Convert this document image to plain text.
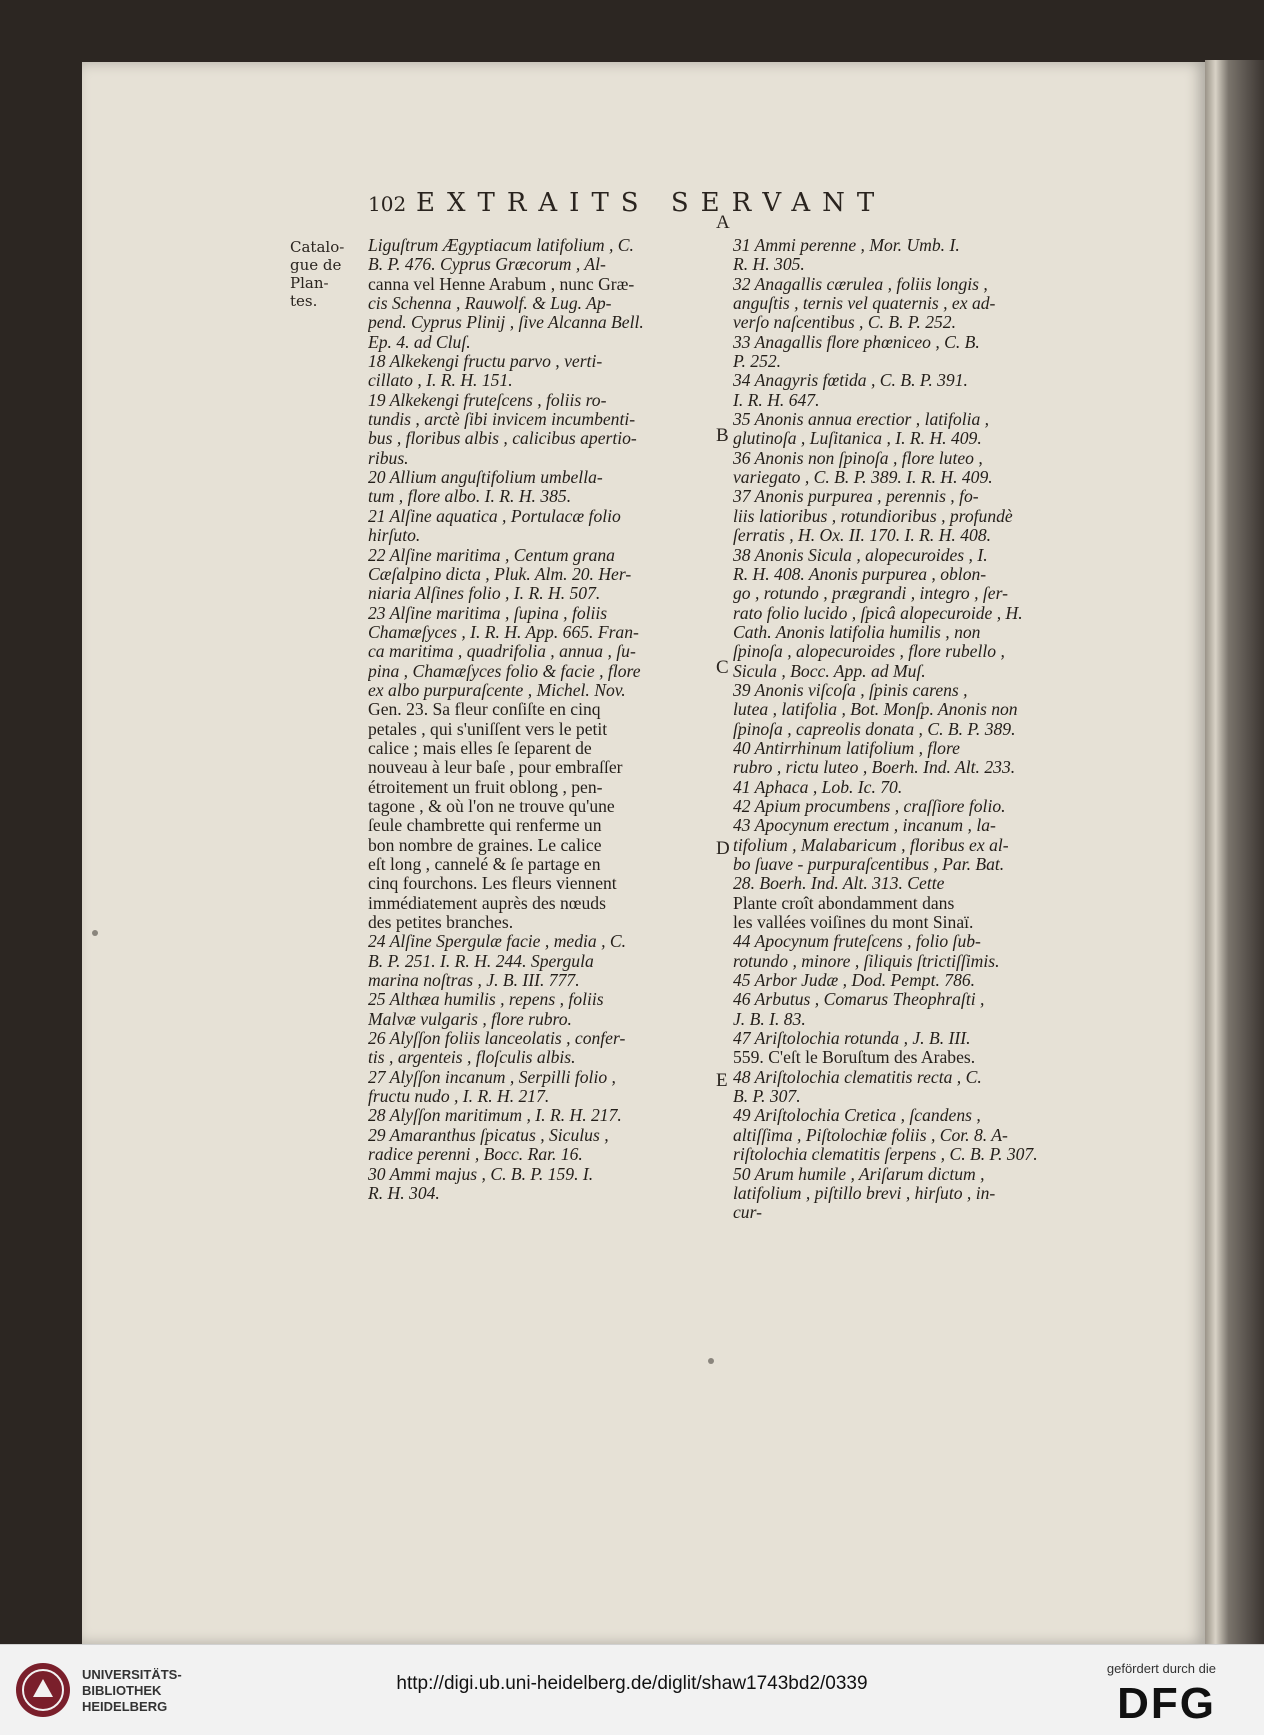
102 EXTRAITS SERVANT
Catalo-
gue de
Plan-
tes.
Liguſtrum Ægyptiacum latifolium , C.
B. P. 476. Cyprus Græcorum , Al-
canna vel Henne Arabum , nunc Græ-
cis Schenna , Rauwolf. & Lug. Ap-
pend. Cyprus Plinij , ſive Alcanna Bell.
Ep. 4. ad Cluſ.
18 Alkekengi fructu parvo , verti-
cillato , I. R. H. 151.
19 Alkekengi fruteſcens , foliis ro-
tundis , arctè ſibi invicem incumbenti-
bus , floribus albis , calicibus apertio-
ribus.
20 Allium anguſtifolium umbella-
tum , flore albo. I. R. H. 385.
21 Alſine aquatica , Portulacæ folio
hirſuto.
22 Alſine maritima , Centum grana
Cæſalpino dicta , Pluk. Alm. 20. Her-
niaria Alſines folio , I. R. H. 507.
23 Alſine maritima , ſupina , foliis
Chamæſyces , I. R. H. App. 665. Fran-
ca maritima , quadrifolia , annua , ſu-
pina , Chamæſyces folio & facie , flore
ex albo purpuraſcente , Michel. Nov.
Gen. 23. Sa fleur conſiſte en cinq
petales , qui s'uniſſent vers le petit
calice ; mais elles ſe ſeparent de
nouveau à leur baſe , pour embraſſer
étroitement un fruit oblong , pen-
tagone , & où l'on ne trouve qu'une
ſeule chambrette qui renferme un
bon nombre de graines. Le calice
eſt long , cannelé & ſe partage en
cinq fourchons. Les fleurs viennent
immédiatement auprès des nœuds
des petites branches.
24 Alſine Spergulæ facie , media , C.
B. P. 251. I. R. H. 244. Spergula
marina noſtras , J. B. III. 777.
25 Althæa humilis , repens , foliis
Malvæ vulgaris , flore rubro.
26 Alyſſon foliis lanceolatis , confer-
tis , argenteis , floſculis albis.
27 Alyſſon incanum , Serpilli folio ,
fructu nudo , I. R. H. 217.
28 Alyſſon maritimum , I. R. H. 217.
29 Amaranthus ſpicatus , Siculus ,
radice perenni , Bocc. Rar. 16.
30 Ammi majus , C. B. P. 159. I.
R. H. 304.
31 Ammi perenne , Mor. Umb. I.
R. H. 305.
32 Anagallis cærulea , foliis longis ,
anguſtis , ternis vel quaternis , ex ad-
verſo naſcentibus , C. B. P. 252.
33 Anagallis flore phœniceo , C. B.
P. 252.
34 Anagyris fœtida , C. B. P. 391.
I. R. H. 647.
35 Anonis annua erectior , latifolia ,
glutinoſa , Luſitanica , I. R. H. 409.
36 Anonis non ſpinoſa , flore luteo ,
variegato , C. B. P. 389. I. R. H. 409.
37 Anonis purpurea , perennis , fo-
liis latioribus , rotundioribus , profundè
ſerratis , H. Ox. II. 170. I. R. H. 408.
38 Anonis Sicula , alopecuroides , I.
R. H. 408. Anonis purpurea , oblon-
go , rotundo , prægrandi , integro , ſer-
rato folio lucido , ſpicâ alopecuroide , H.
Cath. Anonis latifolia humilis , non
ſpinoſa , alopecuroides , flore rubello ,
Sicula , Bocc. App. ad Muſ.
39 Anonis viſcoſa , ſpinis carens ,
lutea , latifolia , Bot. Monſp. Anonis non
ſpinoſa , capreolis donata , C. B. P. 389.
40 Antirrhinum latifolium , flore
rubro , rictu luteo , Boerh. Ind. Alt. 233.
41 Aphaca , Lob. Ic. 70.
42 Apium procumbens , craſſiore folio.
43 Apocynum erectum , incanum , la-
tifolium , Malabaricum , floribus ex al-
bo ſuave - purpuraſcentibus , Par. Bat.
28. Boerh. Ind. Alt. 313. Cette
Plante croît abondamment dans
les vallées voiſines du mont Sinaï.
44 Apocynum fruteſcens , folio ſub-
rotundo , minore , ſiliquis ſtrictiſſimis.
45 Arbor Judæ , Dod. Pempt. 786.
46 Arbutus , Comarus Theophraſti ,
J. B. I. 83.
47 Ariſtolochia rotunda , J. B. III.
559. C'eſt le Boruſtum des Arabes.
48 Ariſtolochia clematitis recta , C.
B. P. 307.
49 Ariſtolochia Cretica , ſcandens ,
altiſſima , Piſtolochiæ foliis , Cor. 8. A-
riſtolochia clematitis ſerpens , C. B. P. 307.
50 Arum humile , Ariſarum dictum ,
latifolium , piſtillo brevi , hirſuto , in-
cur-
A
B
C
D
E
UNIVERSITÄTS-
BIBLIOTHEK
HEIDELBERG
http://digi.ub.uni-heidelberg.de/diglit/shaw1743bd2/0339
gefördert durch die
DFG
